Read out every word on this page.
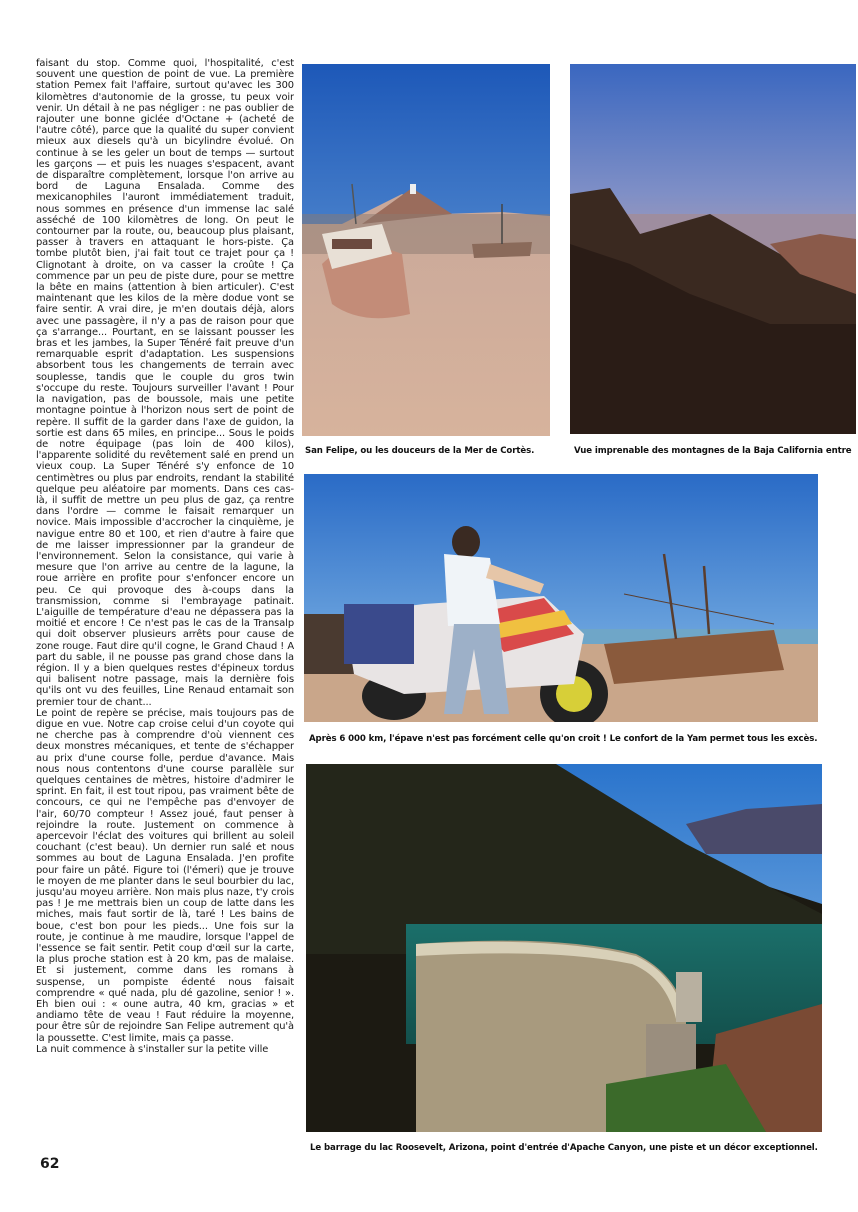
faisant du stop. Comme quoi, l'hospitalité, c'est souvent une question de point de vue. La première station Pemex fait l'affaire, surtout qu'avec les 300 kilomètres d'autonomie de la grosse, tu peux voir venir. Un détail à ne pas négliger : ne pas oublier de rajouter une bonne giclée d'Octane + (acheté de l'autre côté), parce que la qualité du super convient mieux aux diesels qu'à un bicylindre évolué. On continue à se les geler un bout de temps — surtout les garçons — et puis les nuages s'espacent, avant de disparaître complètement, lorsque l'on arrive au bord de Laguna Ensalada. Comme des mexicanophiles l'auront immédiatement traduit, nous sommes en présence d'un immense lac salé asséché de 100 kilomètres de long. On peut le contourner par la route, ou, beaucoup plus plaisant, passer à travers en attaquant le hors-piste. Ça tombe plutôt bien, j'ai fait tout ce trajet pour ça ! Clignotant à droite, on va casser la croûte ! Ça commence par un peu de piste dure, pour se mettre la bête en mains (attention à bien articuler). C'est maintenant que les kilos de la mère dodue vont se faire sentir. A vrai dire, je m'en doutais déjà, alors avec une passagère, il n'y a pas de raison pour que ça s'arrange... Pourtant, en se laissant pousser les bras et les jambes, la Super Ténéré fait preuve d'un remarquable esprit d'adaptation. Les suspensions absorbent tous les changements de terrain avec souplesse, tandis que le couple du gros twin s'occupe du reste. Toujours surveiller l'avant ! Pour la navigation, pas de boussole, mais une petite montagne pointue à l'horizon nous sert de point de repère. Il suffit de la garder dans l'axe de guidon, la sortie est dans 65 miles, en principe... Sous le poids de notre équipage (pas loin de 400 kilos), l'apparente solidité du revêtement salé en prend un vieux coup. La Super Ténéré s'y enfonce de 10 centimètres ou plus par endroits, rendant la stabilité quelque peu aléatoire par moments. Dans ces cas-là, il suffit de mettre un peu plus de gaz, ça rentre dans l'ordre — comme le faisait remarquer un novice. Mais impossible d'accrocher la cinquième, je navigue entre 80 et 100, et rien d'autre à faire que de me laisser impressionner par la grandeur de l'environnement. Selon la consistance, qui varie à mesure que l'on arrive au centre de la lagune, la roue arrière en profite pour s'enfoncer encore un peu. Ce qui provoque des à-coups dans la transmission, comme si l'embrayage patinait. L'aiguille de température d'eau ne dépassera pas la moitié et encore ! Ce n'est pas le cas de la Transalp qui doit observer plusieurs arrêts pour cause de zone rouge. Faut dire qu'il cogne, le Grand Chaud ! A part du sable, il ne pousse pas grand chose dans la région. Il y a bien quelques restes d'épineux tordus qui balisent notre passage, mais la dernière fois qu'ils ont vu des feuilles, Line Renaud entamait son premier tour de chant...

Le point de repère se précise, mais toujours pas de digue en vue. Notre cap croise celui d'un coyote qui ne cherche pas à comprendre d'où viennent ces deux monstres mécaniques, et tente de s'échapper au prix d'une course folle, perdue d'avance. Mais nous nous contentons d'une course parallèle sur quelques centaines de mètres, histoire d'admirer le sprint. En fait, il est tout ripou, pas vraiment bête de concours, ce qui ne l'empêche pas d'envoyer de l'air, 60/70 compteur ! Assez joué, faut penser à rejoindre la route. Justement on commence à apercevoir l'éclat des voitures qui brillent au soleil couchant (c'est beau). Un dernier run salé et nous sommes au bout de Laguna Ensalada. J'en profite pour faire un pâté. Figure toi (l'émeri) que je trouve le moyen de me planter dans le seul bourbier du lac, jusqu'au moyeu arrière. Non mais plus naze, t'y crois pas ! Je me mettrais bien un coup de latte dans les miches, mais faut sortir de là, taré ! Les bains de boue, c'est bon pour les pieds... Une fois sur la route, je continue à me maudire, lorsque l'appel de l'essence se fait sentir. Petit coup d'œil sur la carte, la plus proche station est à 20 km, pas de malaise. Et si justement, comme dans les romans à suspense, un pompiste édenté nous faisait comprendre « qué nada, plu dé gazoline, senior ! ». Eh bien oui : « oune autra, 40 km, gracias » et andiamo tête de veau ! Faut réduire la moyenne, pour être sûr de rejoindre San Felipe autrement qu'à la poussette. C'est limite, mais ça passe.

La nuit commence à s'installer sur la petite ville

62
San Felipe, ou les douceurs de la Mer de Cortès.	Vue imprenable des montagnes de la Baja California entre
Après 6 000 km, l'épave n'est pas forcément celle qu'on croit ! Le confort de la Yam permet tous les excès.
Le barrage du lac Roosevelt, Arizona, point d'entrée d'Apache Canyon, une piste et un décor exceptionnel.
